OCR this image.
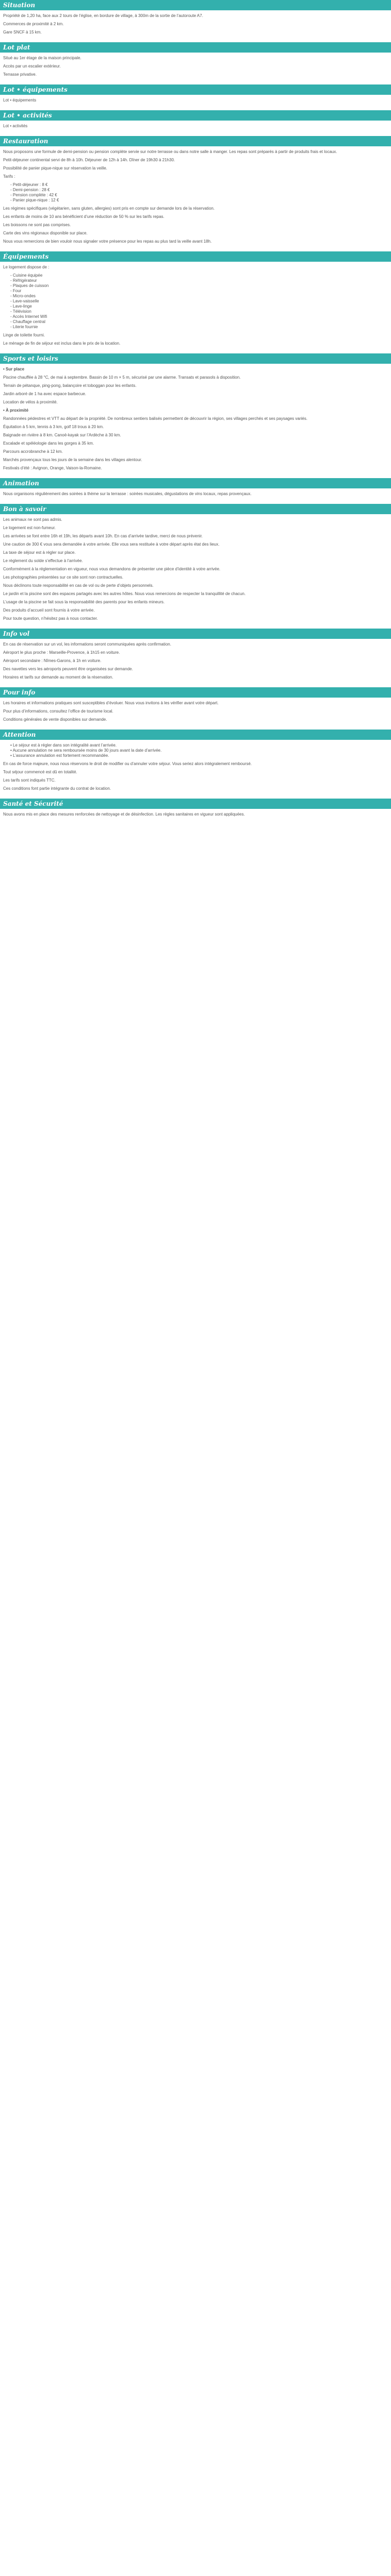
Situation

Propriété de 1,20 ha, face aux 2 tours de l’église, en bordure de village, à 300m de la sortie de l’autoroute A7.

Commerces de proximité à 2 km.

Gare SNCF à 15 km.

Lot plat

Situé au 1er étage de la maison principale.

Accès par un escalier extérieur.

Terrasse privative.

Lot • équipements

Lot • équipements

Lot • activités

Lot • activités

Restauration

Nous proposons une formule de demi-pension ou pension complète servie sur notre terrasse ou dans notre salle à manger. Les repas sont préparés à partir de produits frais et locaux.

Petit-déjeuner continental servi de 8h à 10h. Déjeuner de 12h à 14h. Dîner de 19h30 à 21h30.

Possibilité de panier pique-nique sur réservation la veille.

Tarifs :

- Petit-déjeuner : 8 €
- Demi-pension : 28 €
- Pension complète : 42 €
- Panier pique-nique : 12 €

Les régimes spécifiques (végétarien, sans gluten, allergies) sont pris en compte sur demande lors de la réservation.

Les enfants de moins de 10 ans bénéficient d’une réduction de 50 % sur les tarifs repas.

Les boissons ne sont pas comprises.

Carte des vins régionaux disponible sur place.

Nous vous remercions de bien vouloir nous signaler votre présence pour les repas au plus tard la veille avant 18h.

Équipements

Le logement dispose de :

- Cuisine équipée
- Réfrigérateur
- Plaques de cuisson
- Four
- Micro-ondes
- Lave-vaisselle
- Lave-linge
- Télévision
- Accès Internet Wifi
- Chauffage central
- Literie fournie

Linge de toilette fourni.

Le ménage de fin de séjour est inclus dans le prix de la location.

Sports et loisirs

• Sur place

Piscine chauffée à 28 °C, de mai à septembre. Bassin de 10 m × 5 m, sécurisé par une alarme. Transats et parasols à disposition.

Terrain de pétanque, ping-pong, balançoire et toboggan pour les enfants.

Jardin arboré de 1 ha avec espace barbecue.

Location de vélos à proximité.

• À proximité

Randonnées pédestres et VTT au départ de la propriété. De nombreux sentiers balisés permettent de découvrir la région, ses villages perchés et ses paysages variés.

Équitation à 5 km, tennis à 3 km, golf 18 trous à 20 km.

Baignade en rivière à 8 km. Canoë-kayak sur l’Ardèche à 30 km.

Escalade et spéléologie dans les gorges à 35 km.

Parcours accrobranche à 12 km.

Marchés provençaux tous les jours de la semaine dans les villages alentour.

Festivals d’été : Avignon, Orange, Vaison-la-Romaine.

Animation

Nous organisons régulièrement des soirées à thème sur la terrasse : soirées musicales, dégustations de vins locaux, repas provençaux.

Bon à savoir

Les animaux ne sont pas admis.

Le logement est non-fumeur.

Les arrivées se font entre 16h et 19h, les départs avant 10h. En cas d’arrivée tardive, merci de nous prévenir.

Une caution de 300 € vous sera demandée à votre arrivée. Elle vous sera restituée à votre départ après état des lieux.

La taxe de séjour est à régler sur place.

Le règlement du solde s’effectue à l’arrivée.

Conformément à la réglementation en vigueur, nous vous demandons de présenter une pièce d’identité à votre arrivée.

Les photographies présentées sur ce site sont non contractuelles.

Nous déclinons toute responsabilité en cas de vol ou de perte d’objets personnels.

Le jardin et la piscine sont des espaces partagés avec les autres hôtes. Nous vous remercions de respecter la tranquillité de chacun.

L’usage de la piscine se fait sous la responsabilité des parents pour les enfants mineurs.

Des produits d’accueil sont fournis à votre arrivée.

Pour toute question, n’hésitez pas à nous contacter.

Info vol

En cas de réservation sur un vol, les informations seront communiquées après confirmation.

Aéroport le plus proche : Marseille-Provence, à 1h15 en voiture.

Aéroport secondaire : Nîmes-Garons, à 1h en voiture.

Des navettes vers les aéroports peuvent être organisées sur demande.

Horaires et tarifs sur demande au moment de la réservation.

Pour info

Les horaires et informations pratiques sont susceptibles d’évoluer. Nous vous invitons à les vérifier avant votre départ.

Pour plus d’informations, consultez l’office de tourisme local.

Conditions générales de vente disponibles sur demande.

Attention
• Le séjour est à régler dans son intégralité avant l’arrivée.
• Aucune annulation ne sera remboursée moins de 30 jours avant la date d’arrivée.
• L’assurance annulation est fortement recommandée.

En cas de force majeure, nous nous réservons le droit de modifier ou d’annuler votre séjour. Vous seriez alors intégralement remboursé.

Tout séjour commencé est dû en totalité.

Les tarifs sont indiqués TTC.

Ces conditions font partie intégrante du contrat de location.

Santé et Sécurité

Nous avons mis en place des mesures renforcées de nettoyage et de désinfection. Les règles sanitaires en vigueur sont appliquées.
